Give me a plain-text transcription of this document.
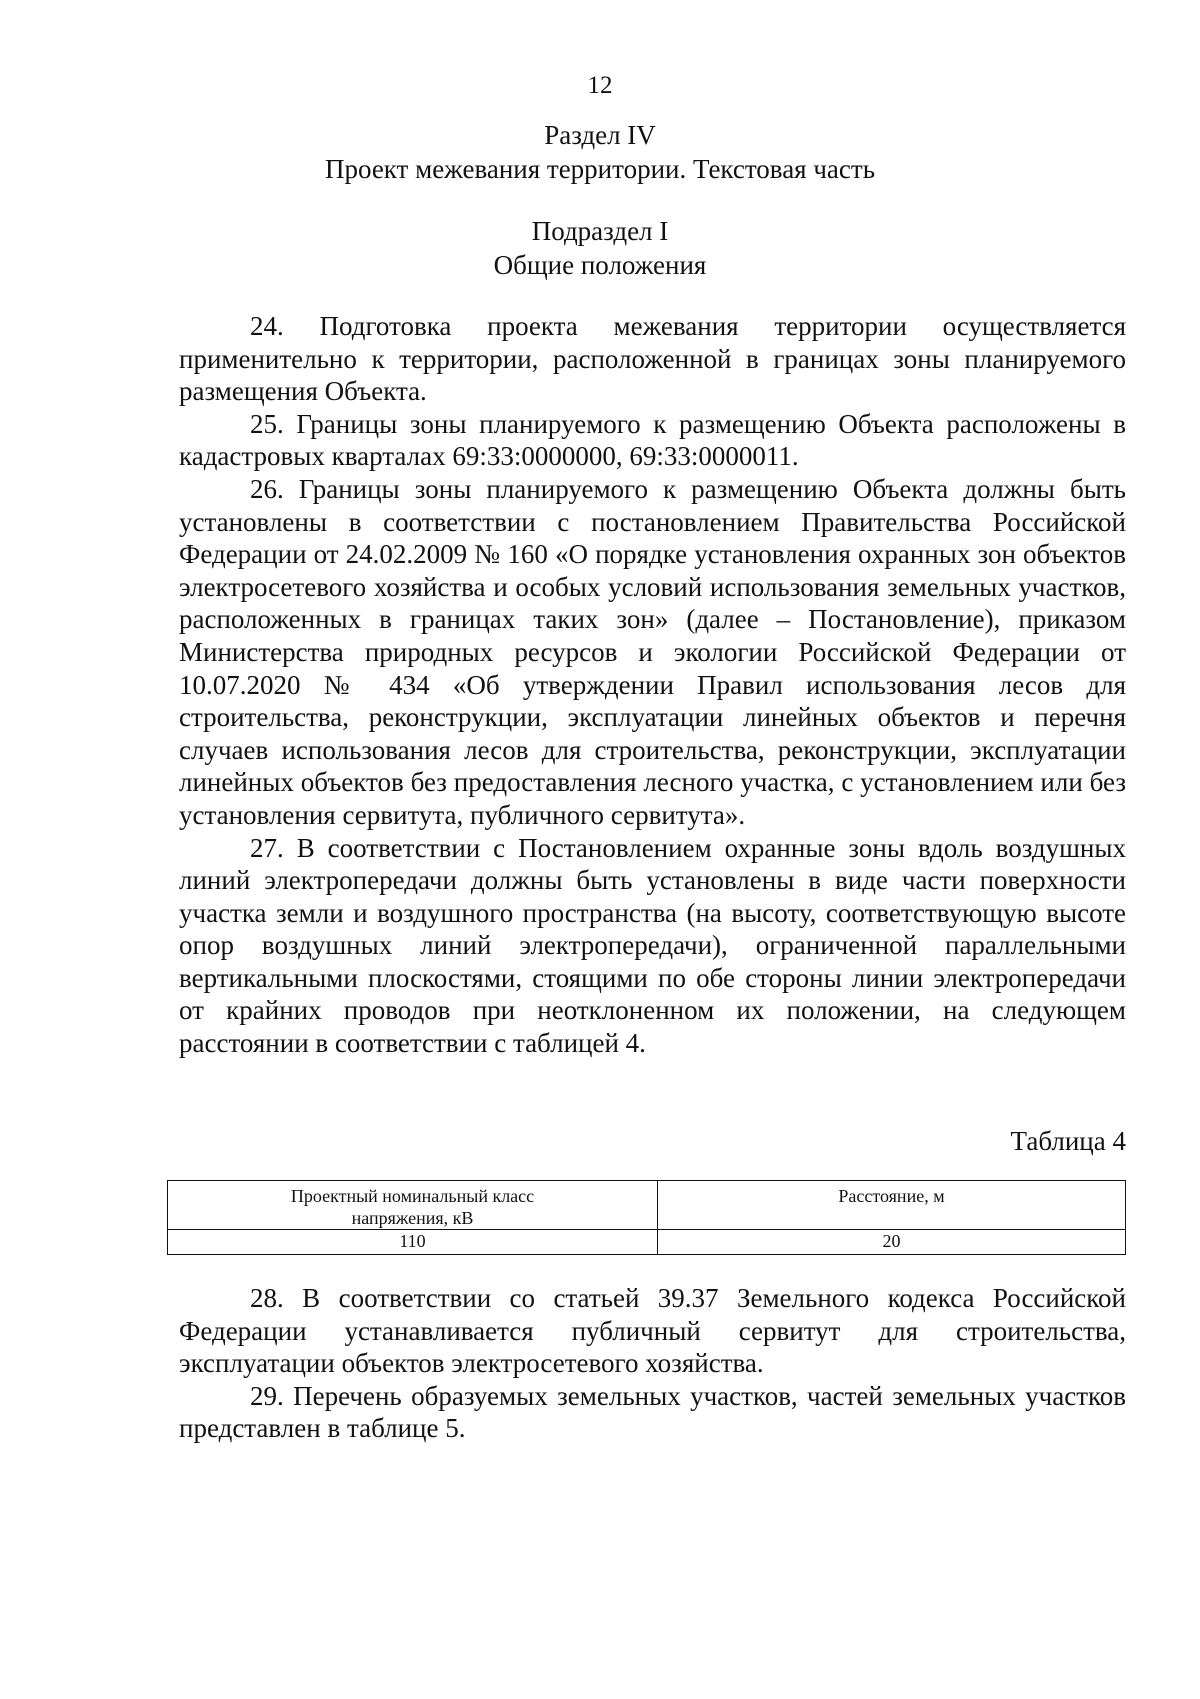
12
Раздел IV
Проект межевания территории. Текстовая часть
Подраздел I
Общие положения

24. Подготовка проекта межевания территории осуществляется применительно к территории, расположенной в границах зоны планируемого размещения Объекта.

25. Границы зоны планируемого к размещению Объекта расположены в кадастровых кварталах 69:33:0000000, 69:33:0000011.

26. Границы зоны планируемого к размещению Объекта должны быть установлены в соответствии с постановлением Правительства Российской Федерации от 24.02.2009 № 160 «О порядке установления охранных зон объектов электросетевого хозяйства и особых условий использования земельных участков, расположенных в границах таких зон» (далее – Постановление), приказом Министерства природных ресурсов и экологии Российской Федерации от 10.07.2020 № 434 «Об утверждении Правил использования лесов для строительства, реконструкции, эксплуатации линейных объектов и перечня случаев использования лесов для строительства, реконструкции, эксплуатации линейных объектов без предоставления лесного участка, с установлением или без установления сервитута, публичного сервитута».

27. В соответствии с Постановлением охранные зоны вдоль воздушных линий электропередачи должны быть установлены в виде части поверхности участка земли и воздушного пространства (на высоту, соответствующую высоте опор воздушных линий электропередачи), ограниченной параллельными вертикальными плоскостями, стоящими по обе стороны линии электропередачи от крайних проводов при неотклоненном их положении, на следующем расстоянии в соответствии с таблицей 4.

Таблица 4
Проектный номинальный класс напряжения, кВ	Расстояние, м
110	20

28. В соответствии со статьей 39.37 Земельного кодекса Российской Федерации устанавливается публичный сервитут для строительства, эксплуатации объектов электросетевого хозяйства.

29. Перечень образуемых земельных участков, частей земельных участков представлен в таблице 5.
